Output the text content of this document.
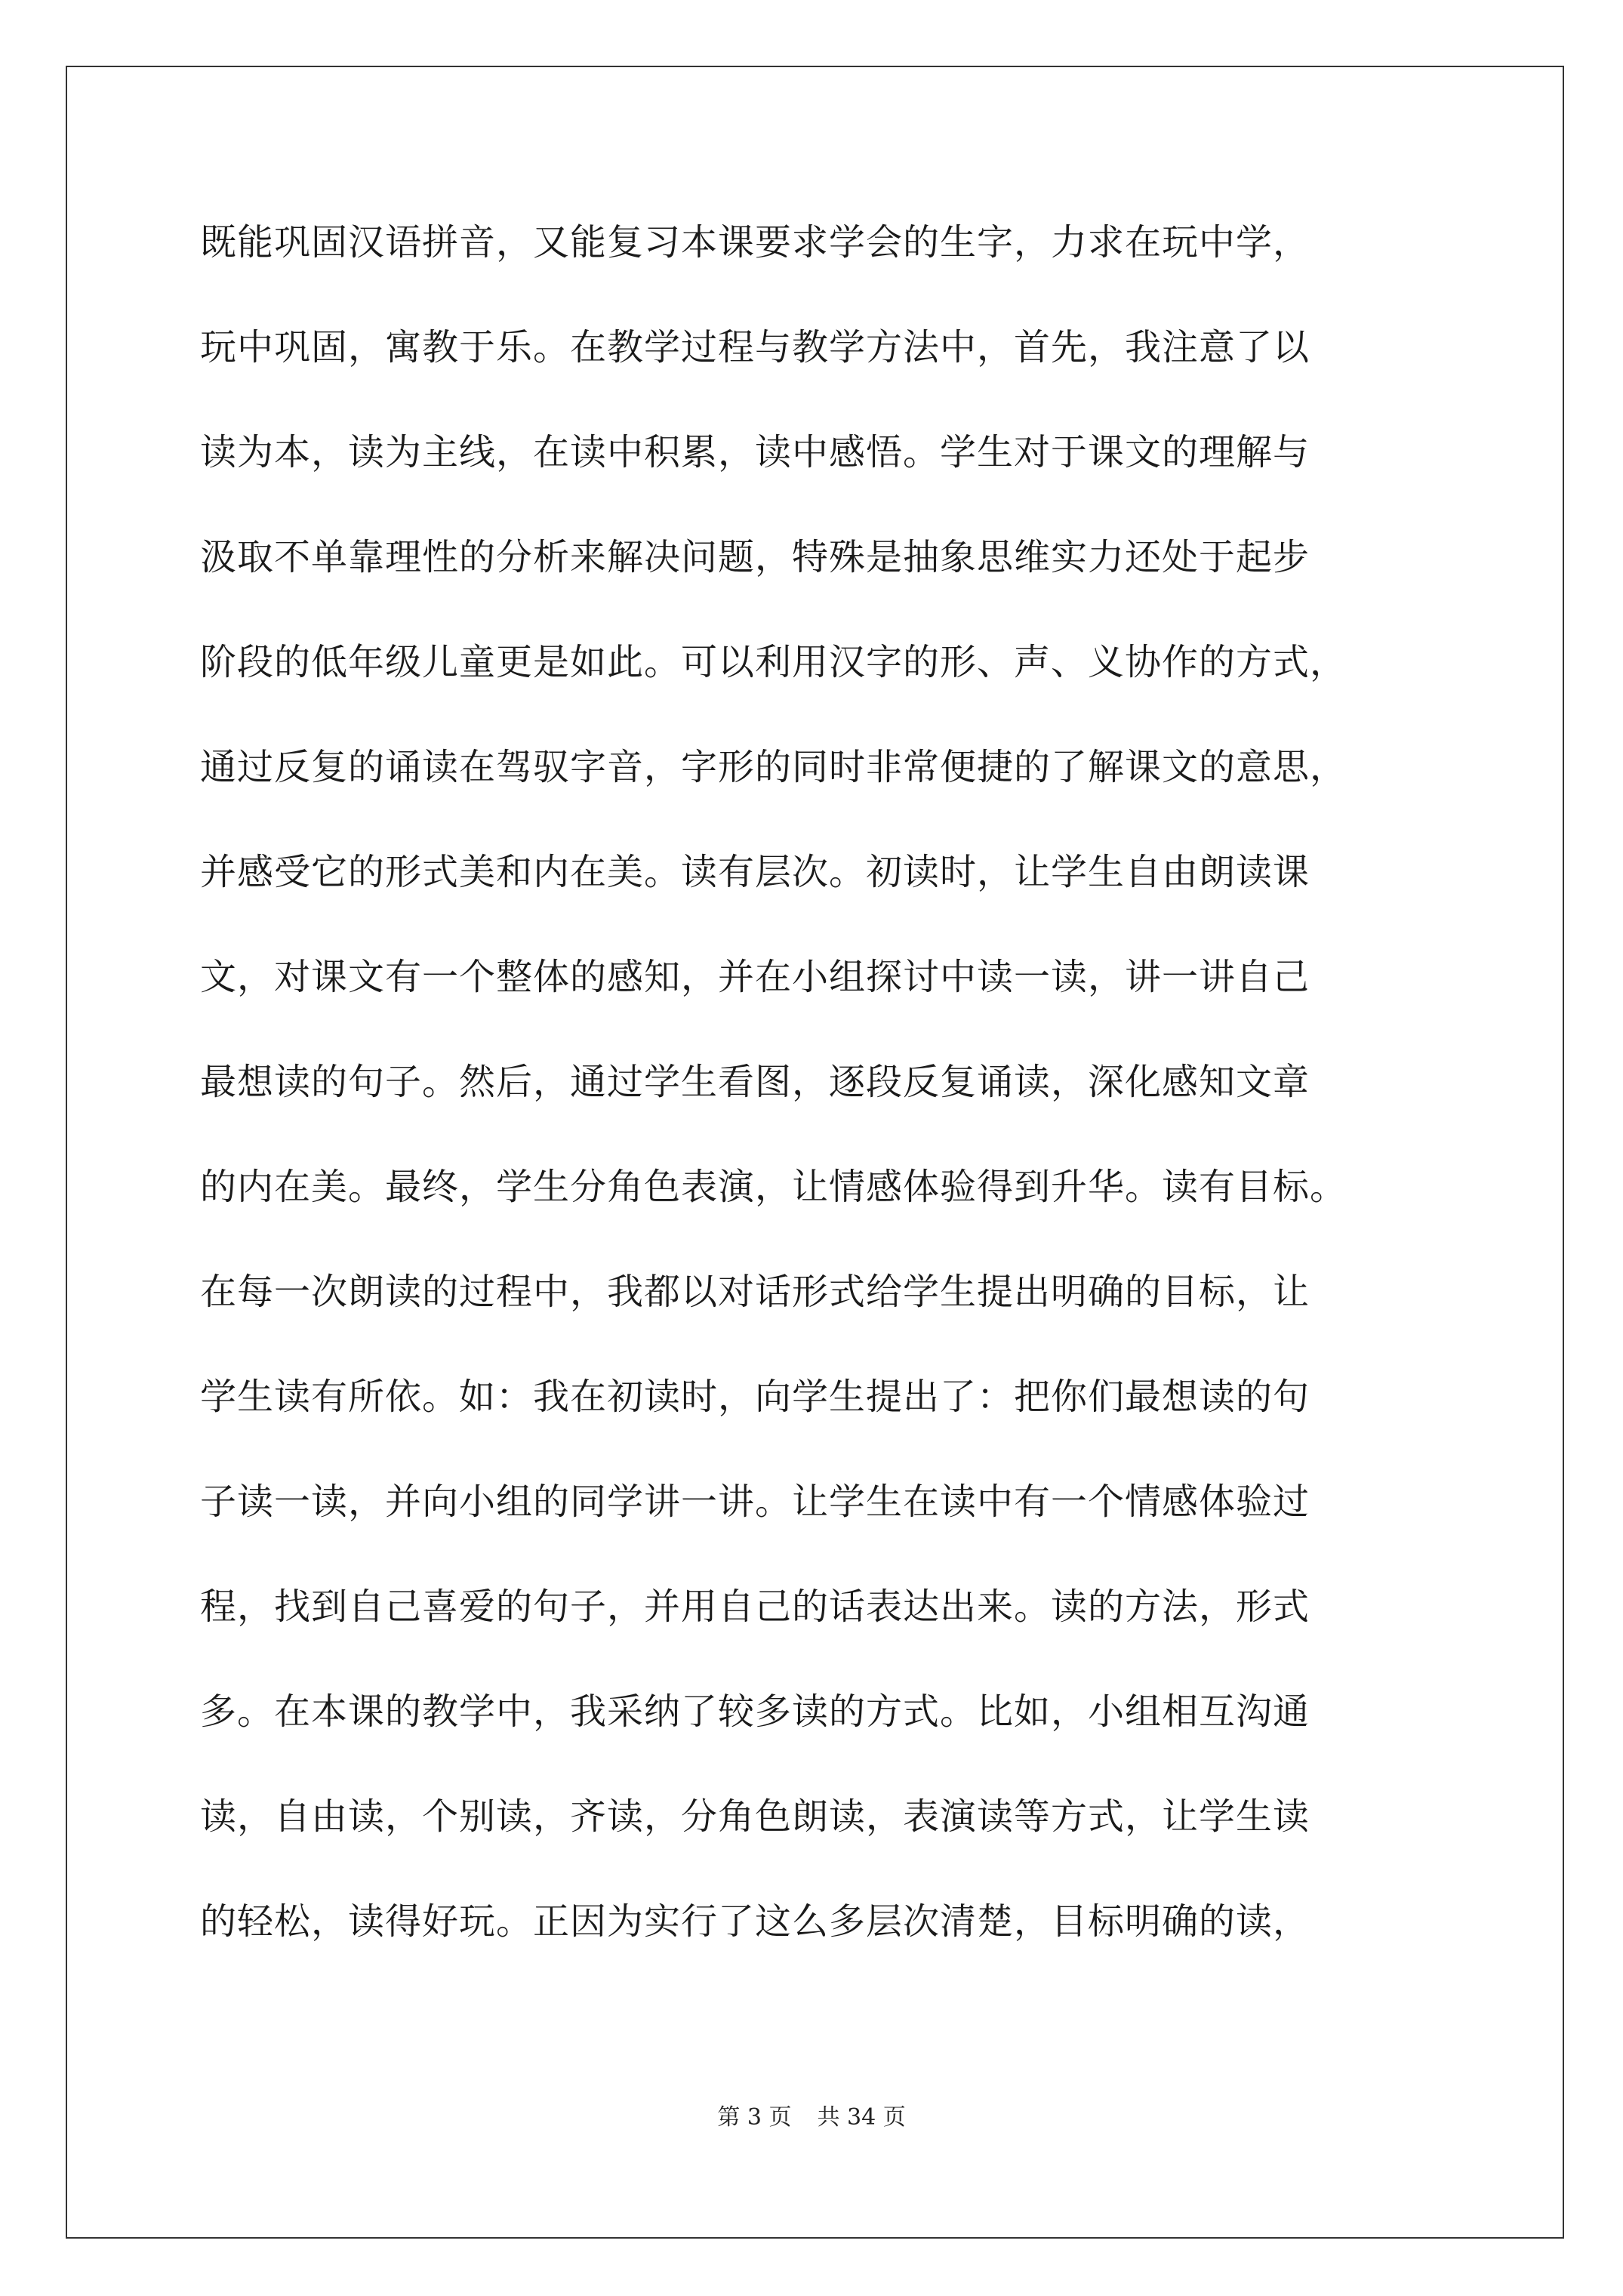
既能巩固汉语拼音，又能复习本课要求学会的生字，力求在玩中学，
玩中巩固，寓教于乐。在教学过程与教学方法中，首先，我注意了以
读为本，读为主线，在读中积累，读中感悟。学生对于课文的理解与
汲取不单靠理性的分析来解决问题，特殊是抽象思维实力还处于起步
阶段的低年级儿童更是如此。可以利用汉字的形、声、义协作的方式，
通过反复的诵读在驾驭字音，字形的同时非常便捷的了解课文的意思，
并感受它的形式美和内在美。读有层次。初读时，让学生自由朗读课
文，对课文有一个整体的感知，并在小组探讨中读一读，讲一讲自己
最想读的句子。然后，通过学生看图，逐段反复诵读，深化感知文章
的内在美。最终，学生分角色表演，让情感体验得到升华。读有目标。
在每一次朗读的过程中，我都以对话形式给学生提出明确的目标，让
学生读有所依。如：我在初读时，向学生提出了：把你们最想读的句
子读一读，并向小组的同学讲一讲。让学生在读中有一个情感体验过
程，找到自己喜爱的句子，并用自己的话表达出来。读的方法，形式
多。在本课的教学中，我采纳了较多读的方式。比如，小组相互沟通
读，自由读，个别读，齐读，分角色朗读，表演读等方式，让学生读
的轻松，读得好玩。正因为实行了这么多层次清楚，目标明确的读，
第 3 页 共 34 页
